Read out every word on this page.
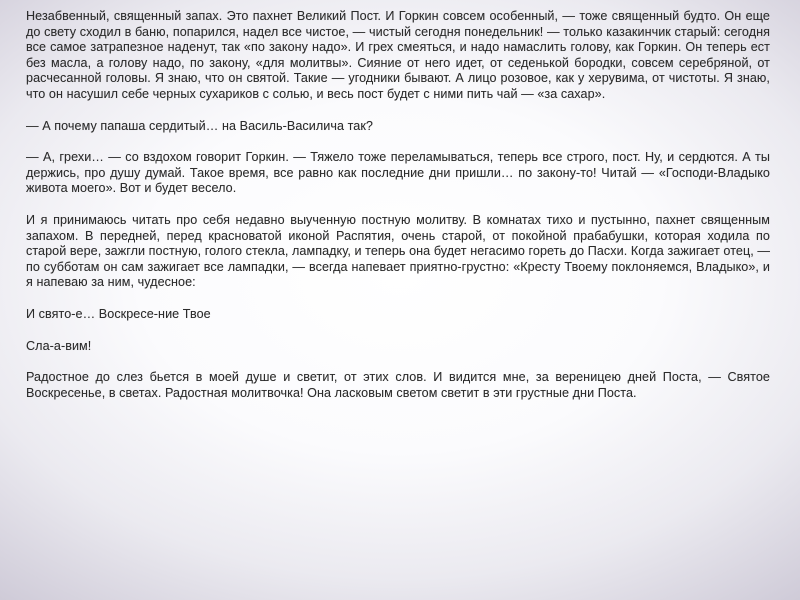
Незабвенный, священный запах. Это пахнет Великий Пост. И Горкин совсем особенный, — тоже священный будто. Он еще до свету сходил в баню, попарился, надел все чистое, — чистый сегодня понедельник! — только казакинчик старый: сегодня все самое затрапезное наденут, так «по закону надо». И грех смеяться, и надо намаслить голову, как Горкин. Он теперь ест без масла, а голову надо, по закону, «для молитвы». Сияние от него идет, от седенькой бородки, совсем серебряной, от расчесанной головы. Я знаю, что он святой. Такие — угодники бывают. А лицо розовое, как у херувима, от чистоты. Я знаю, что он насушил себе черных сухариков с солью, и весь пост будет с ними пить чай — «за сахар».

— А почему папаша сердитый… на Василь-Василича так?

— А, грехи… — со вздохом говорит Горкин. — Тяжело тоже переламываться, теперь все строго, пост. Ну, и сердются. А ты держись, про душу думай. Такое время, все равно как последние дни пришли… по закону-то! Читай — «Господи-Владыко живота моего». Вот и будет весело.

И я принимаюсь читать про себя недавно выученную постную молитву. В комнатах тихо и пустынно, пахнет священным запахом. В передней, перед красноватой иконой Распятия, очень старой, от покойной прабабушки, которая ходила по старой вере, зажгли постную, голого стекла, лампадку, и теперь она будет негасимо гореть до Пасхи. Когда зажигает отец, — по субботам он сам зажигает все лампадки, — всегда напевает приятно-грустно: «Кресту Твоему поклоняемся, Владыко», и я напеваю за ним, чудесное:

И свято-е… Воскресе-ние Твое

Сла-а-вим!

Радостное до слез бьется в моей душе и светит, от этих слов. И видится мне, за вереницею дней Поста, — Святое Воскресенье, в светах. Радостная молитвочка! Она ласковым светом светит в эти грустные дни Поста.
